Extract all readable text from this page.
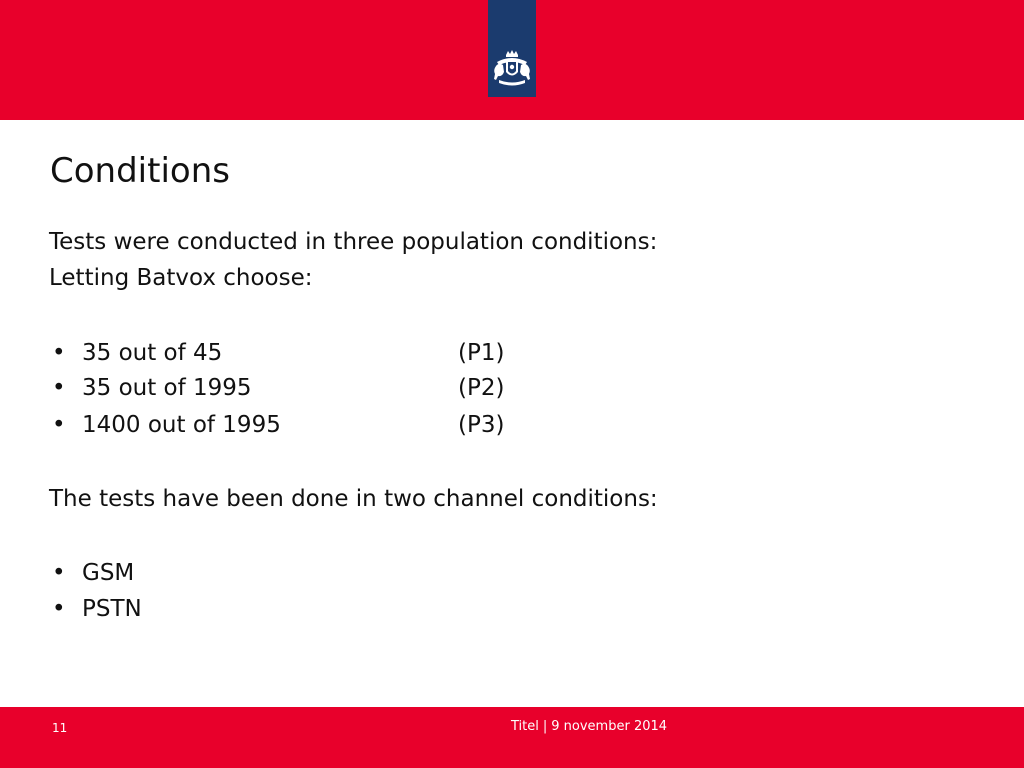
Conditions
Tests were conducted in three population conditions:
Letting Batvox choose:
• 35 out of 45	(P1)
• 35 out of 1995	(P2)
• 1400 out of 1995	(P3)
The tests have been done in two channel conditions:
• GSM
• PSTN
11	Titel | 9 november 2014
